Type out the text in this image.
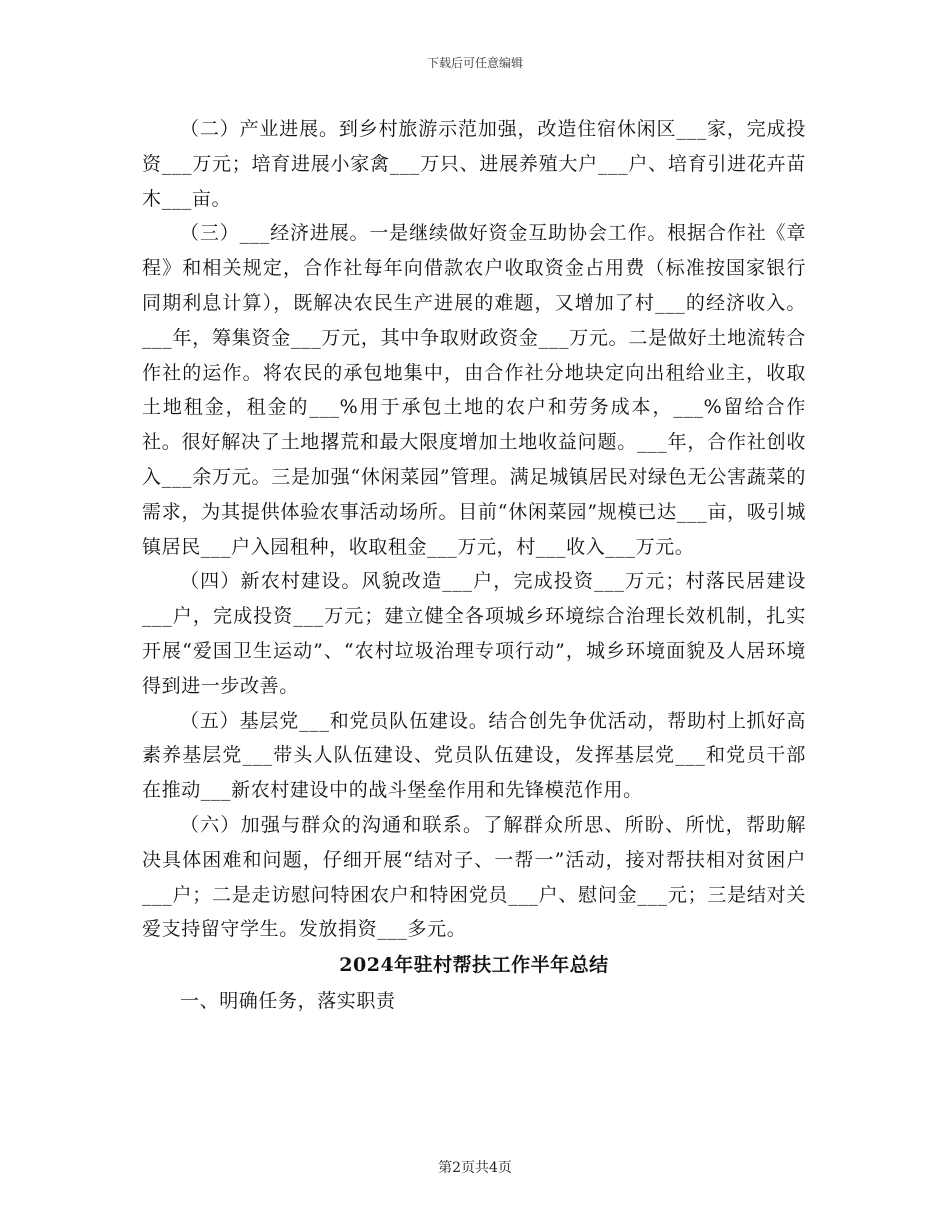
下载后可任意编辑

（二）产业进展。到乡村旅游示范加强，改造住宿休闲区___家，完成投资___万元；培育进展小家禽___万只、进展养殖大户___户、培育引进花卉苗木___亩。

（三）___经济进展。一是继续做好资金互助协会工作。根据合作社《章程》和相关规定，合作社每年向借款农户收取资金占用费（标准按国家银行同期利息计算），既解决农民生产进展的难题，又增加了村___的经济收入。___年，筹集资金___万元，其中争取财政资金___万元。二是做好土地流转合作社的运作。将农民的承包地集中，由合作社分地块定向出租给业主，收取土地租金，租金的___%用于承包土地的农户和劳务成本，___%留给合作社。很好解决了土地撂荒和最大限度增加土地收益问题。___年，合作社创收入___余万元。三是加强“休闲菜园”管理。满足城镇居民对绿色无公害蔬菜的需求，为其提供体验农事活动场所。目前“休闲菜园”规模已达___亩，吸引城镇居民___户入园租种，收取租金___万元，村___收入___万元。

（四）新农村建设。风貌改造___户，完成投资___万元；村落民居建设___户，完成投资___万元；建立健全各项城乡环境综合治理长效机制，扎实开展“爱国卫生运动”、“农村垃圾治理专项行动”，城乡环境面貌及人居环境得到进一步改善。

（五）基层党___和党员队伍建设。结合创先争优活动，帮助村上抓好高素养基层党___带头人队伍建设、党员队伍建设，发挥基层党___和党员干部在推动___新农村建设中的战斗堡垒作用和先锋模范作用。

（六）加强与群众的沟通和联系。了解群众所思、所盼、所忧，帮助解决具体困难和问题，仔细开展“结对子、一帮一”活动，接对帮扶相对贫困户___户；二是走访慰问特困农户和特困党员___户、慰问金___元；三是结对关爱支持留守学生。发放捐资___多元。

2024年驻村帮扶工作半年总结

一、明确任务，落实职责

第2页共4页
